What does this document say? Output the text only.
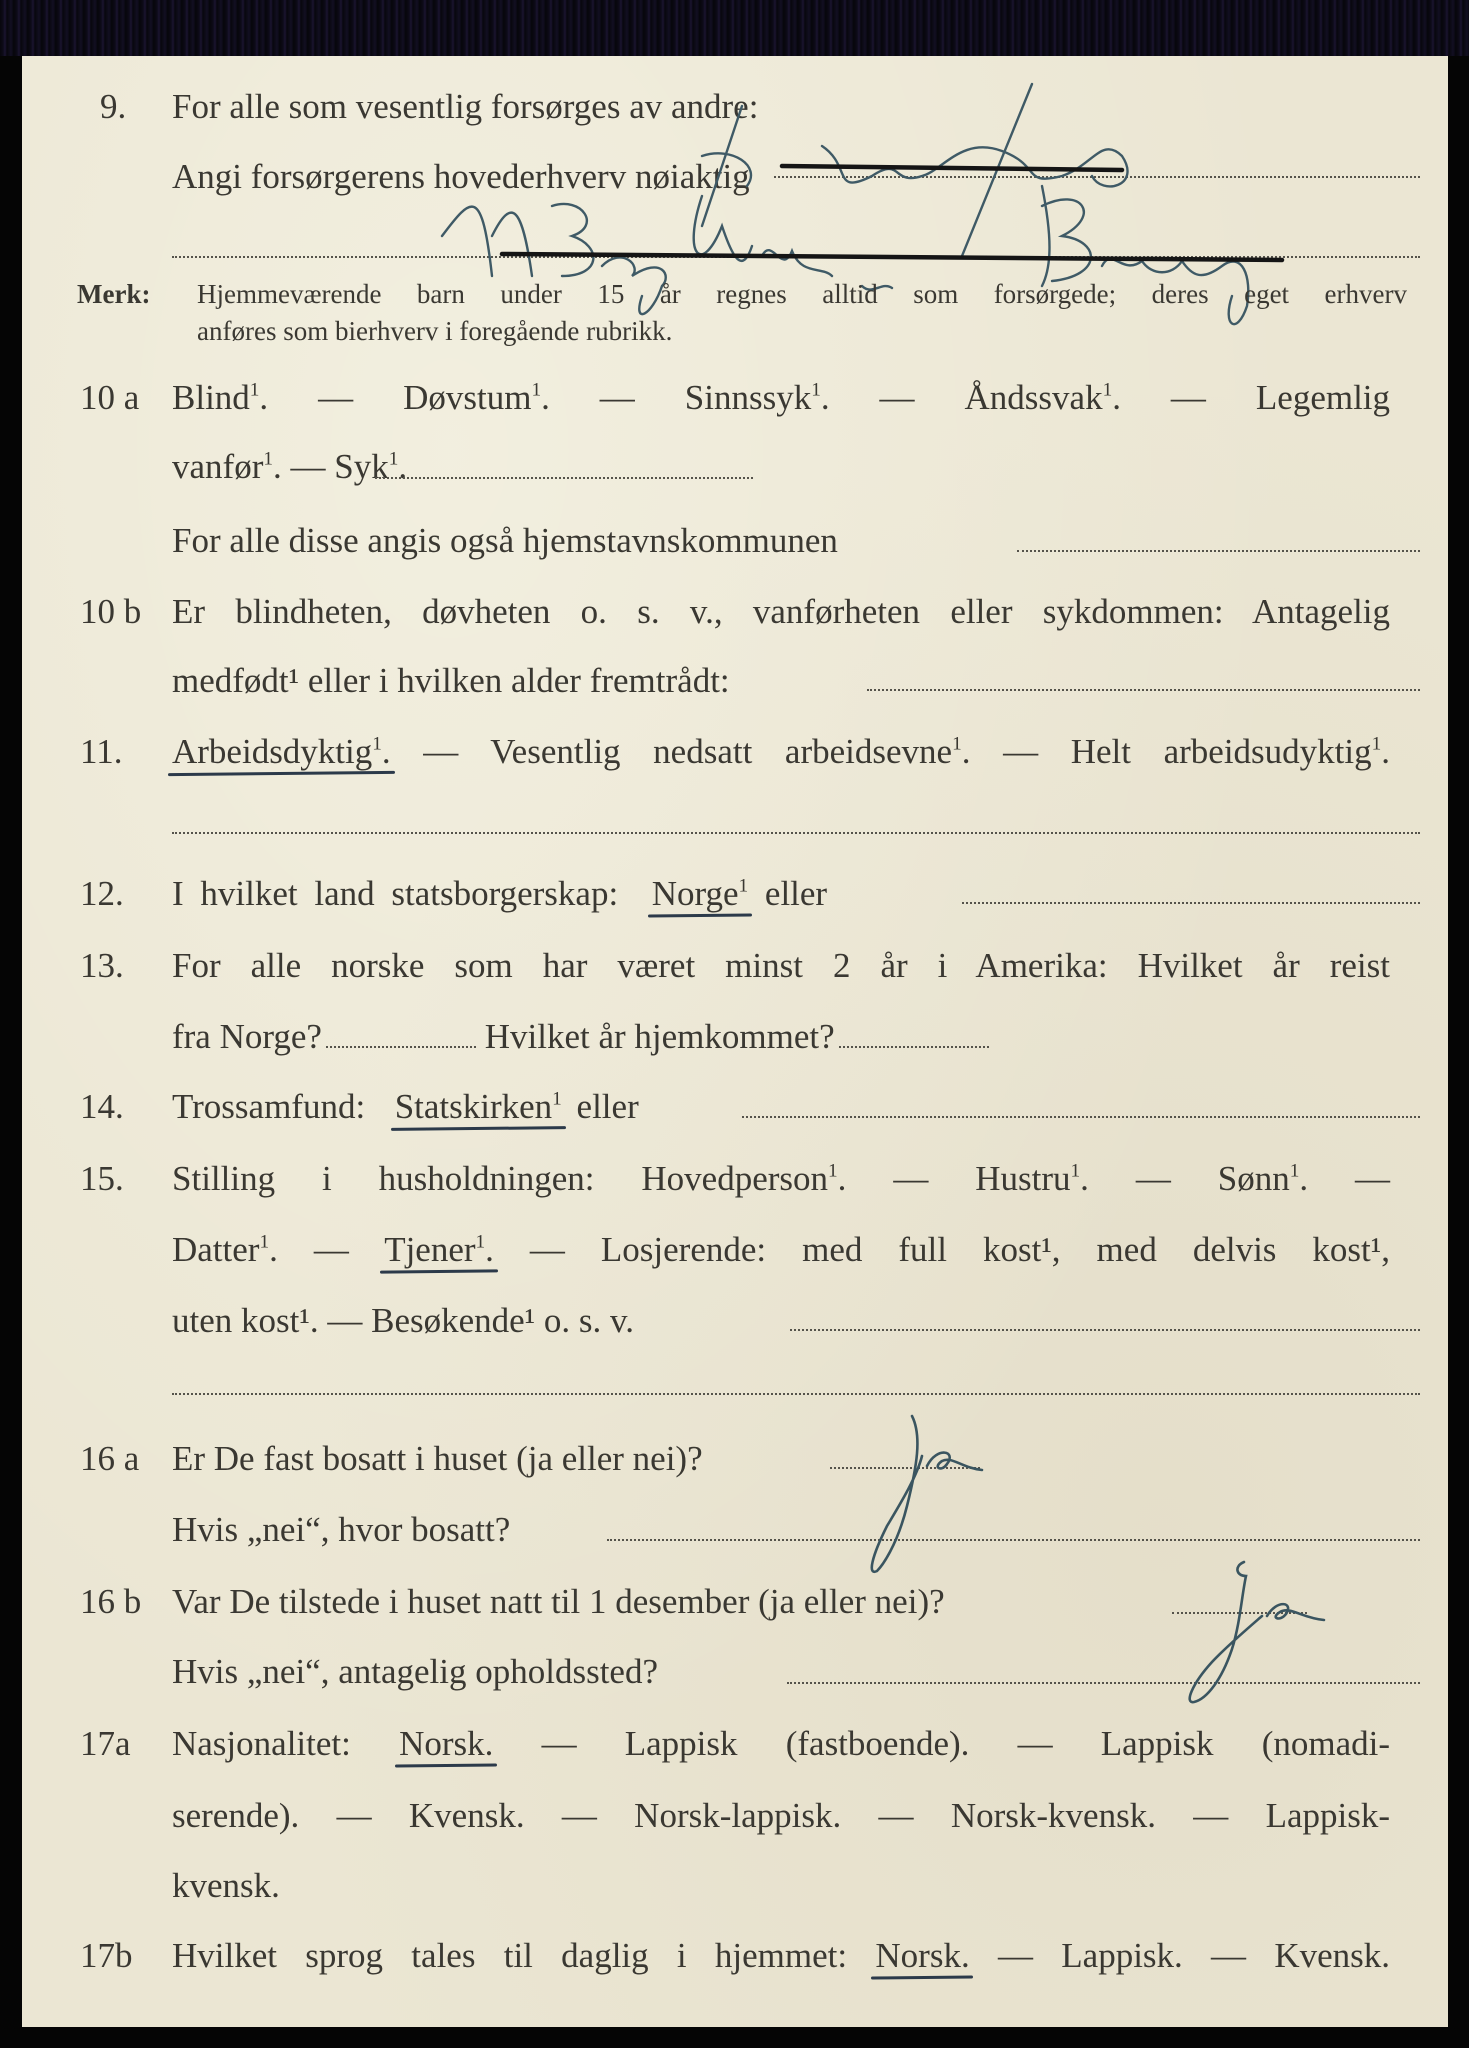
9. For alle som vesentlig forsørges av andre:
Angi forsørgerens hovederhverv nøiaktig
Merk: Hjemmeværende barn under 15 år regnes alltid som forsørgede; deres eget erhverv
anføres som bierhverv i foregående rubrikk.
10 a Blind$^1$. — Døvstum$^1$. — Sinnssyk$^1$. — Åndssvak$^1$. — Legemlig
vanfør$^1$. — Syk$^1$.
For alle disse angis også hjemstavnskommunen
10 b Er blindheten, døvheten o. s. v., vanførheten eller sykdommen: Antagelig
medfødt¹ eller i hvilken alder fremtrådt:
11. Arbeidsdyktig$^1$. — Vesentlig nedsatt arbeidsevne$^1$. — Helt arbeidsudyktig$^1$.
12. I hvilket land statsborgerskap: Norge$^1$ eller
13. For alle norske som har været minst 2 år i Amerika: Hvilket år reist
fra Norge?	Hvilket år hjemkommet?
14. Trossamfund: Statskirken$^1$ eller
15. Stilling i husholdningen: Hovedperson$^1$. — Hustru$^1$. — Sønn$^1$. —
Datter$^1$. — Tjener$^1$. — Losjerende: med full kost¹, med delvis kost¹,
uten kost¹. — Besøkende¹ o. s. v.
16 a Er De fast bosatt i huset (ja eller nei)?
Hvis „nei“, hvor bosatt?
16 b Var De tilstede i huset natt til 1 desember (ja eller nei)?
Hvis „nei“, antagelig opholdssted?
17a Nasjonalitet: Norsk. — Lappisk (fastboende). — Lappisk (nomadi-
serende). — Kvensk. — Norsk-lappisk. — Norsk-kvensk. — Lappisk-
kvensk.
17b Hvilket sprog tales til daglig i hjemmet: Norsk. — Lappisk. — Kvensk.
